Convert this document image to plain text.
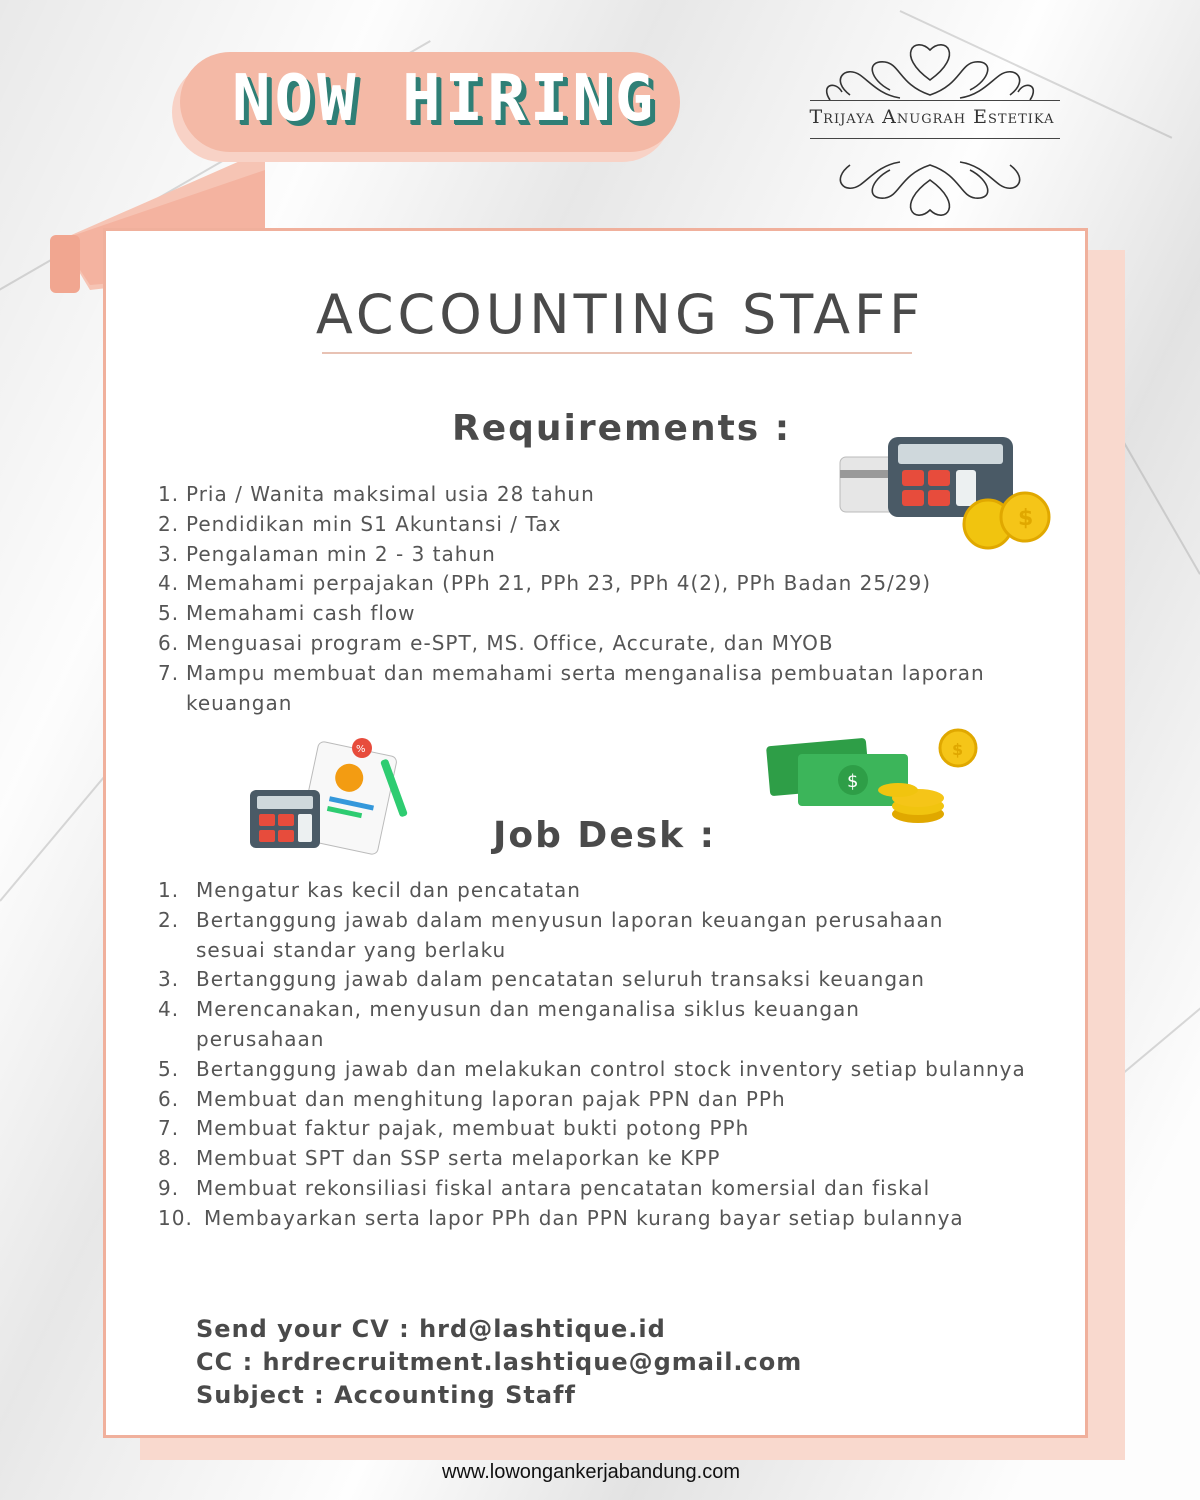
NOW HIRING	Trijaya Anugrah Estetika
ACCOUNTING STAFF
Requirements :
$
1. Pria / Wanita maksimal usia 28 tahun
2. Pendidikan min S1 Akuntansi / Tax
3. Pengalaman min 2 - 3 tahun
4. Memahami perpajakan (PPh 21, PPh 23, PPh 4(2), PPh Badan 25/29)
5. Memahami cash flow
6. Menguasai program e-SPT, MS. Office, Accurate, dan MYOB
7. Mampu membuat dan memahami serta menganalisa pembuatan laporan keuangan
%
$
$
Job Desk :
1. Mengatur kas kecil dan pencatatan
2. Bertanggung jawab dalam menyusun laporan keuangan perusahaan sesuai standar yang berlaku
3. Bertanggung jawab dalam pencatatan seluruh transaksi keuangan
4. Merencanakan, menyusun dan menganalisa siklus keuangan perusahaan
5. Bertanggung jawab dan melakukan control stock inventory setiap bulannya
6. Membuat dan menghitung laporan pajak PPN dan PPh
7. Membuat faktur pajak, membuat bukti potong PPh
8. Membuat SPT dan SSP serta melaporkan ke KPP
9. Membuat rekonsiliasi fiskal antara pencatatan komersial dan fiskal
10. Membayarkan serta lapor PPh dan PPN kurang bayar setiap bulannya
Send your CV : hrd@lashtique.id
CC : hrdrecruitment.lashtique@gmail.com
Subject : Accounting Staff
www.lowongankerjabandung.com
